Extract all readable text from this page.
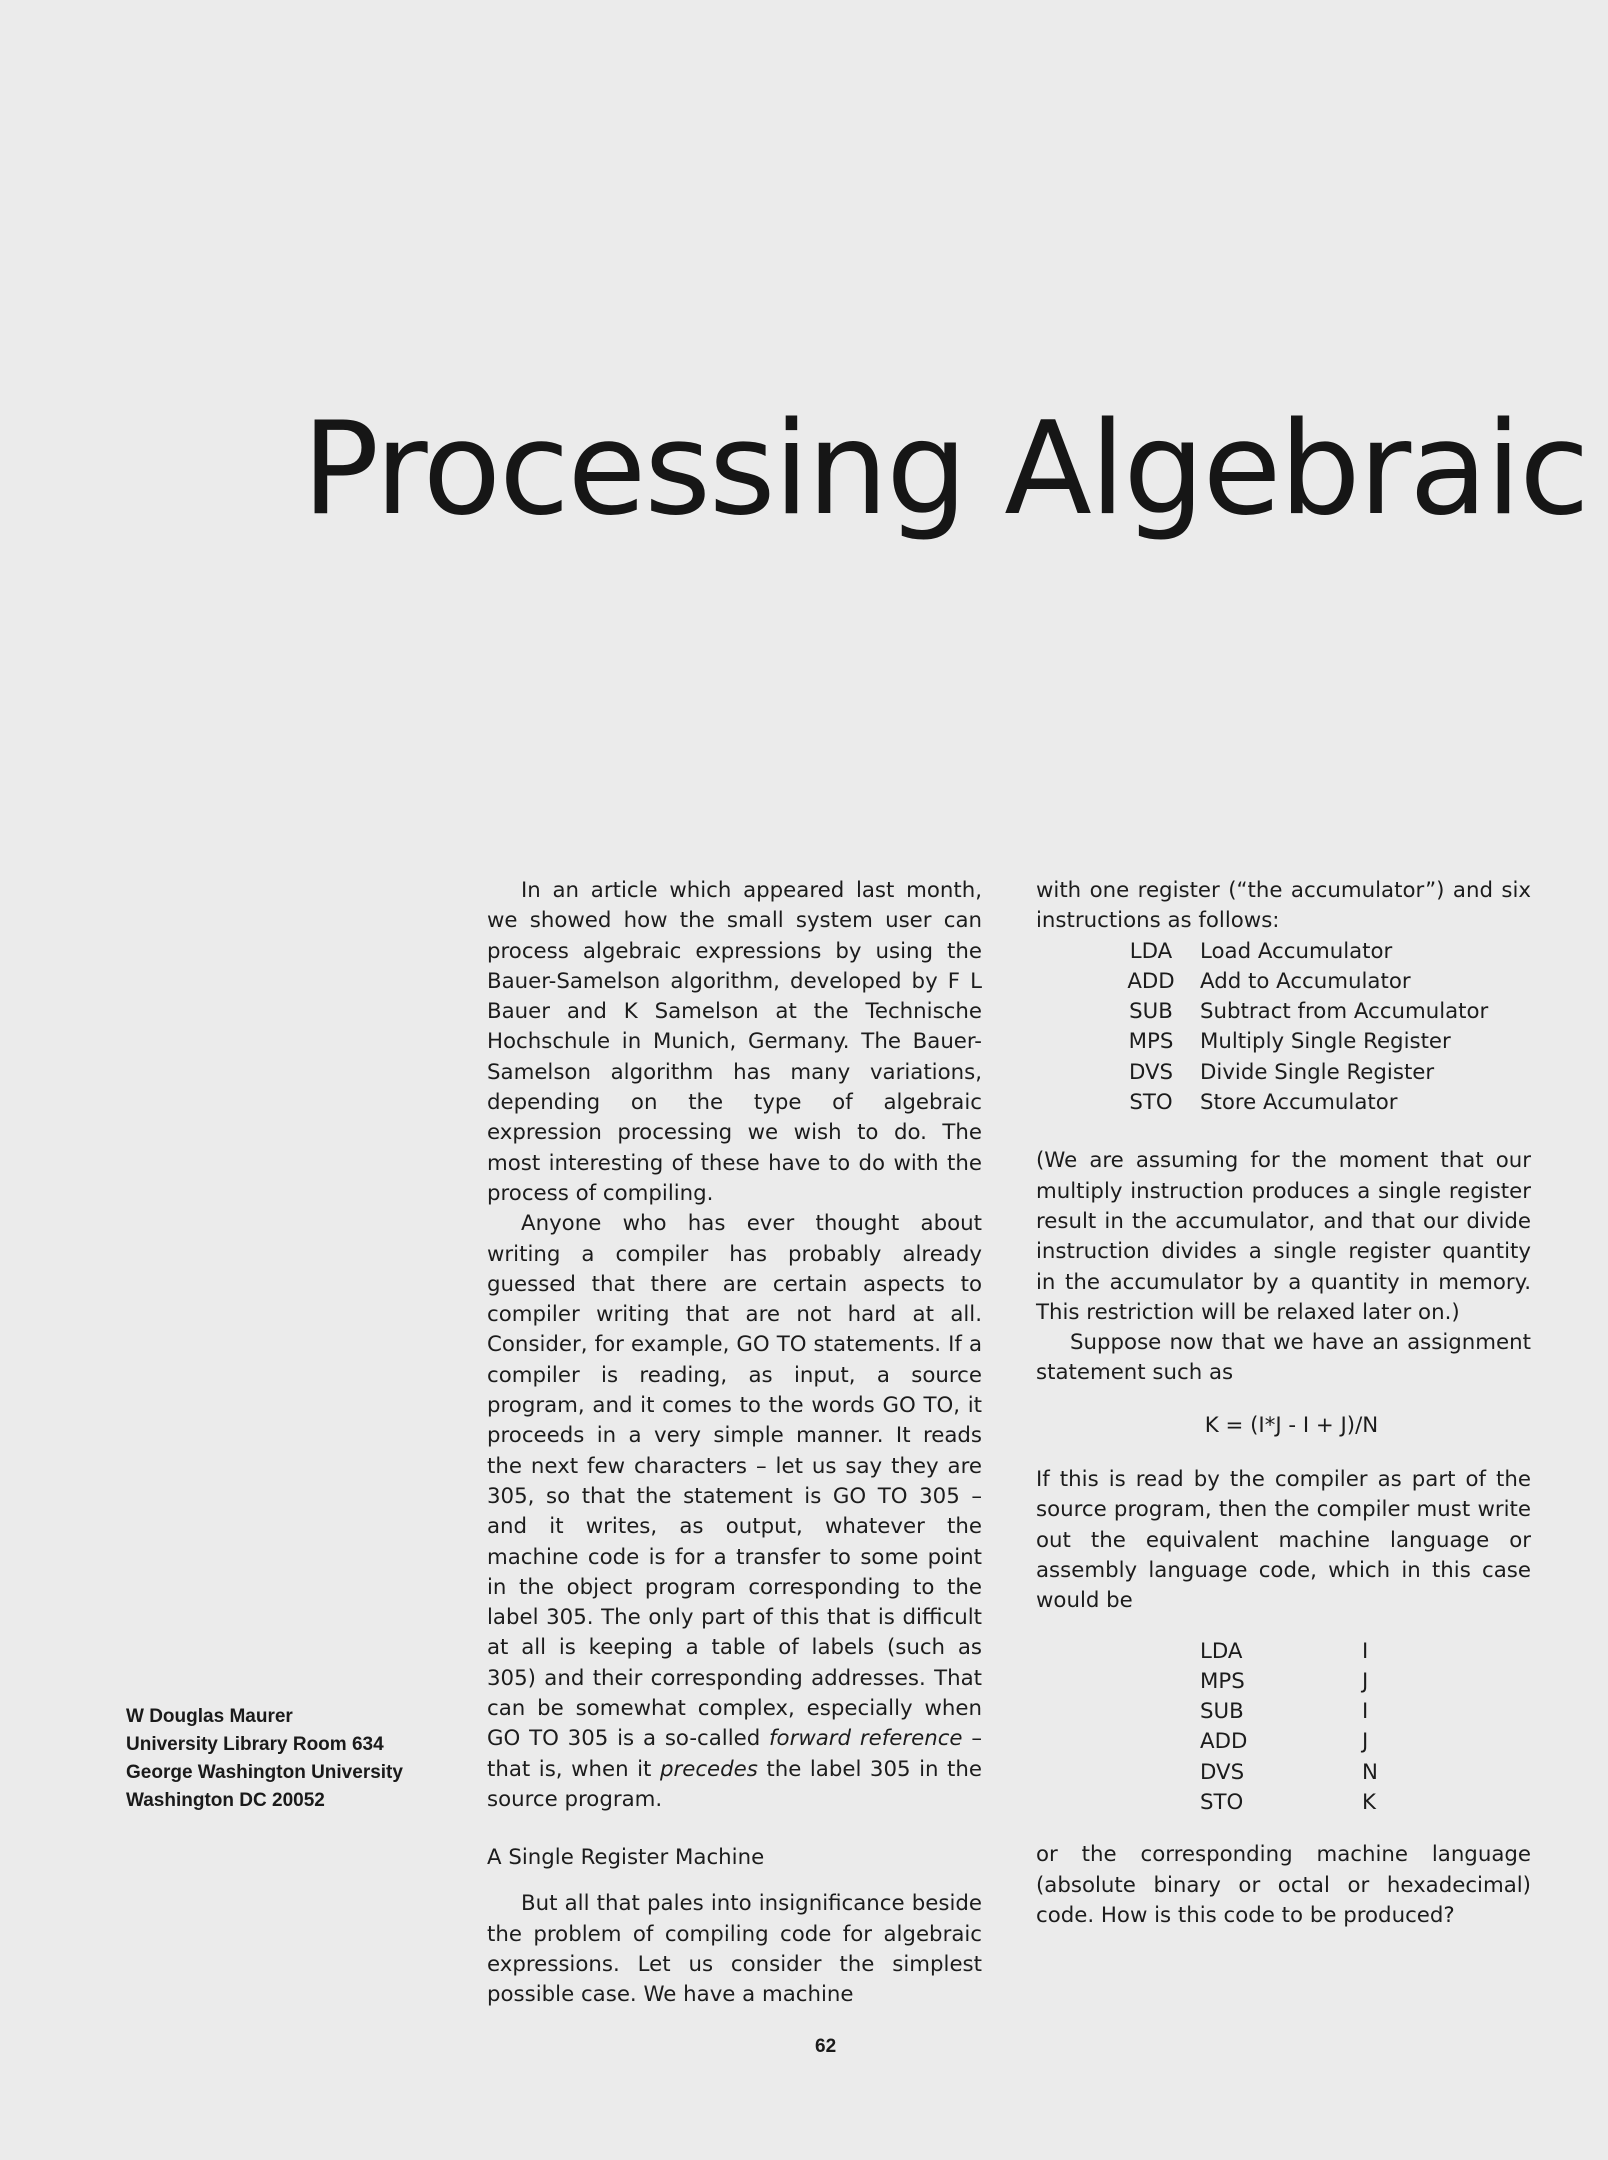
Processing Algebraic
W Douglas Maurer
University Library Room 634
George Washington University
Washington DC 20052

In an article which appeared last month, we showed how the small system user can process algebraic expressions by using the Bauer-Samelson algorithm, developed by F L Bauer and K Samelson at the Technische Hochschule in Munich, Germany. The Bauer-Samelson algorithm has many variations, depending on the type of algebraic expression processing we wish to do. The most interesting of these have to do with the process of compiling.

Anyone who has ever thought about writing a compiler has probably already guessed that there are certain aspects to compiler writing that are not hard at all. Consider, for example, GO TO statements. If a compiler is reading, as input, a source program, and it comes to the words GO TO, it proceeds in a very simple manner. It reads the next few characters – let us say they are 305, so that the statement is GO TO 305 – and it writes, as output, whatever the machine code is for a transfer to some point in the object program corresponding to the label 305. The only part of this that is difficult at all is keeping a table of labels (such as 305) and their corresponding addresses. That can be somewhat complex, especially when GO TO 305 is a so-called forward reference – that is, when it precedes the label 305 in the source program.

A Single Register Machine

But all that pales into insignificance beside the problem of compiling code for algebraic expressions. Let us consider the simplest possible case. We have a machine

with one register (“the accumulator”) and six instructions as follows:

LDA	Load Accumulator
ADD	Add to Accumulator
SUB	Subtract from Accumulator
MPS	Multiply Single Register
DVS	Divide Single Register
STO	Store Accumulator

(We are assuming for the moment that our multiply instruction produces a single register result in the accumulator, and that our divide instruction divides a single register quantity in the accumulator by a quantity in memory. This restriction will be relaxed later on.)

Suppose now that we have an assignment statement such as

K = (I*J - I + J)/N

If this is read by the compiler as part of the source program, then the compiler must write out the equivalent machine language or assembly language code, which in this case would be

LDA	I
MPS	J
SUB	I
ADD	J
DVS	N
STO	K

or the corresponding machine language (absolute binary or octal or hexadecimal) code. How is this code to be produced?

62
